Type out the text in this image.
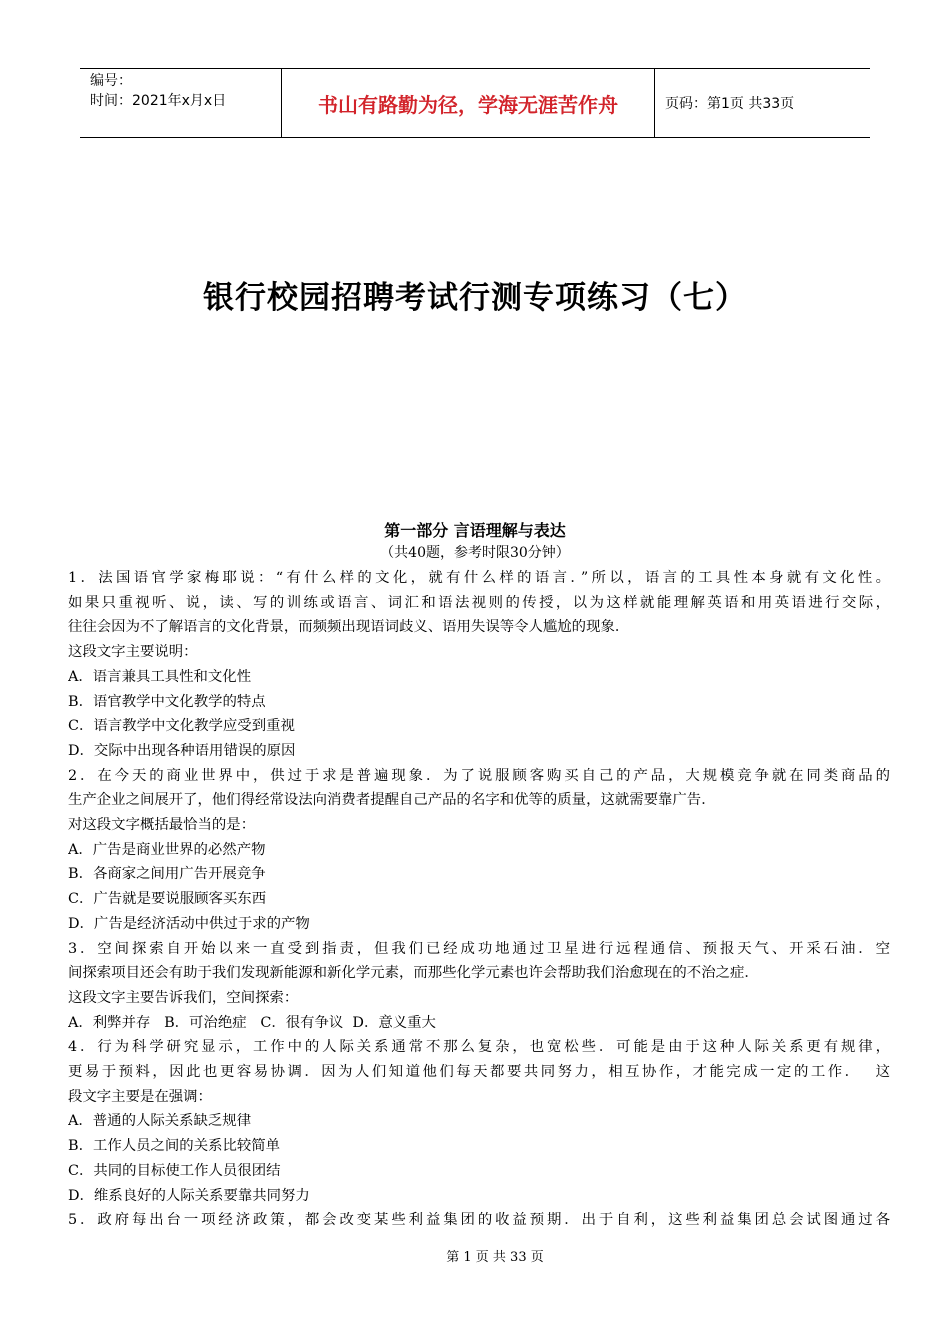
编号：
时间：2021年x月x日	书山有路勤为径，学海无涯苦作舟	页码：第1页 共33页
银行校园招聘考试行测专项练习（七）
第一部分 言语理解与表达
（共40题，参考时限30分钟）

1．法国语官学家梅耶说：“有什么样的文化，就有什么样的语言．”所以，语言的工具性本身就有文化性。

如果只重视听、说，读、写的训练或语言、词汇和语法视则的传授，以为这样就能理解英语和用英语进行交际，

往往会因为不了解语言的文化背景，而频频出现语词歧义、语用失误等令人尴尬的现象．

这段文字主要说明：

A．语言兼具工具性和文化性

B．语官教学中文化教学的特点

C．语言教学中文化教学应受到重视

D．交际中出现各种语用错误的原因

2．在今天的商业世界中，供过于求是普遍现象．为了说服顾客购买自己的产品，大规模竞争就在同类商品的

生产企业之间展开了，他们得经常设法向消费者提醒自己产品的名字和优等的质量，这就需要靠广告．

对这段文字概括最恰当的是：

A．广告是商业世界的必然产物

B．各商家之间用广告开展竞争

C．广告就是要说服顾客买东西

D．广告是经济活动中供过于求的产物

3．空间探索自开始以来一直受到指责，但我们已经成功地通过卫星进行远程通信、预报天气、开采石油．空

间探索项目还会有助于我们发现新能源和新化学元素，而那些化学元素也许会帮助我们治愈现在的不治之症．

这段文字主要告诉我们，空间探索：

A．利弊并存   B．可治绝症   C．很有争议  D．意义重大

4．行为科学研究显示，工作中的人际关系通常不那么复杂，也宽松些．可能是由于这种人际关系更有规律，

更易于预料，因此也更容易协调．因为人们知道他们每天都要共同努力，相互协作，才能完成一定的工作．  这

段文字主要是在强调：

A．普通的人际关系缺乏规律

B．工作人员之间的关系比较简单

C．共同的目标使工作人员很团结

D．维系良好的人际关系要靠共同努力

5．政府每出台一项经济政策，都会改变某些利益集团的收益预期．出于自利，这些利益集团总会试图通过各

第 1 页 共 33 页
